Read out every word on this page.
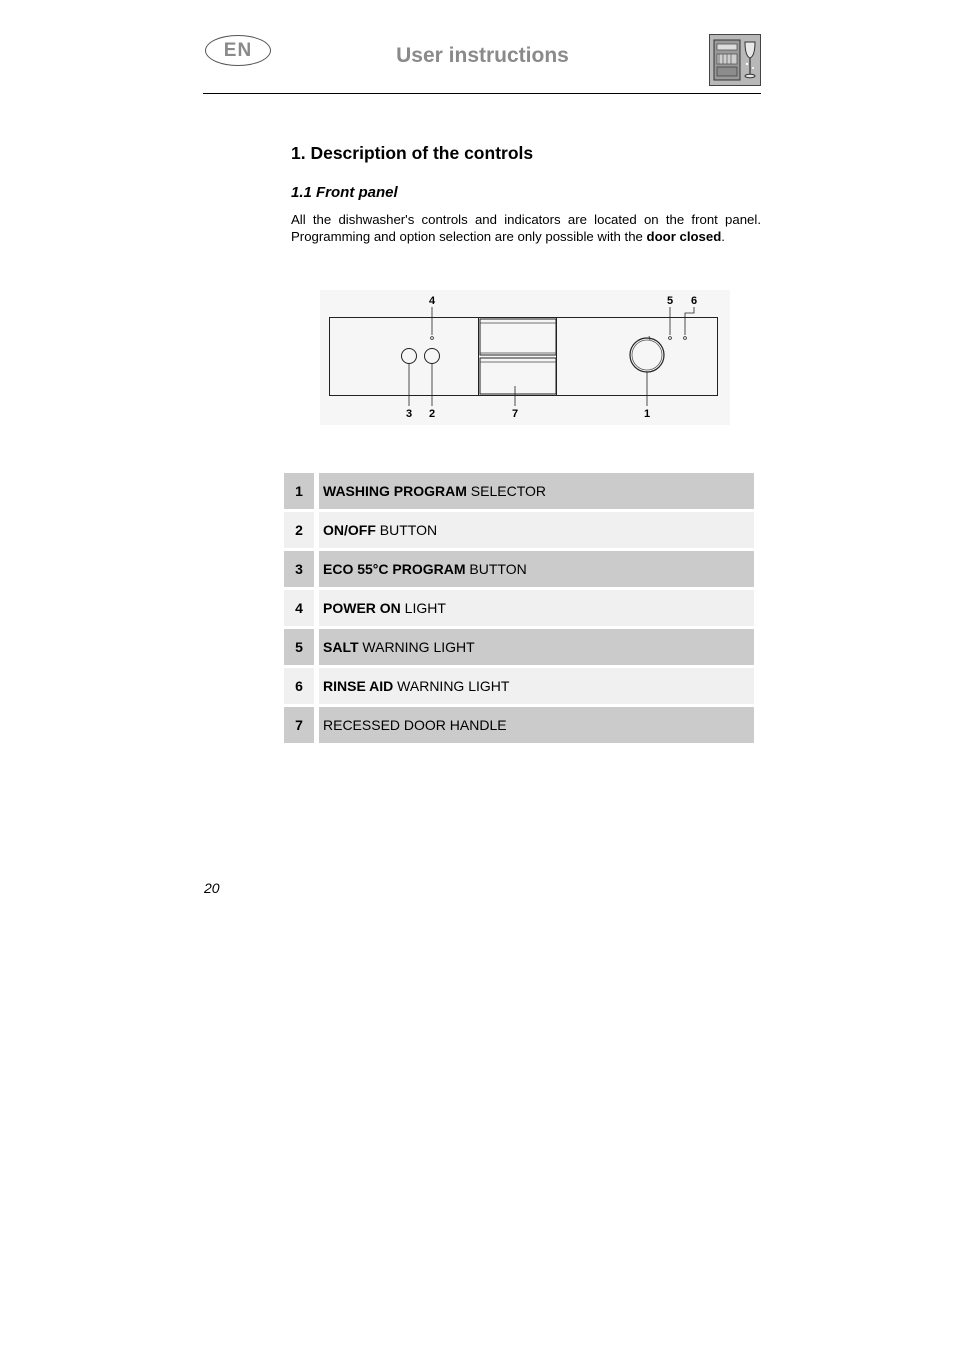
EN	User instructions
1. Description of the controls
1.1 Front panel

All the dishwasher's controls and indicators are located on the front panel. Programming and option selection are only possible with the door closed.

4	5 6
3 2	7	1
1	WASHING PROGRAM SELECTOR
2	ON/OFF BUTTON
3	ECO 55°C PROGRAM BUTTON
4	POWER ON LIGHT
5	SALT WARNING LIGHT
6	RINSE AID WARNING LIGHT
7	RECESSED DOOR HANDLE
20
